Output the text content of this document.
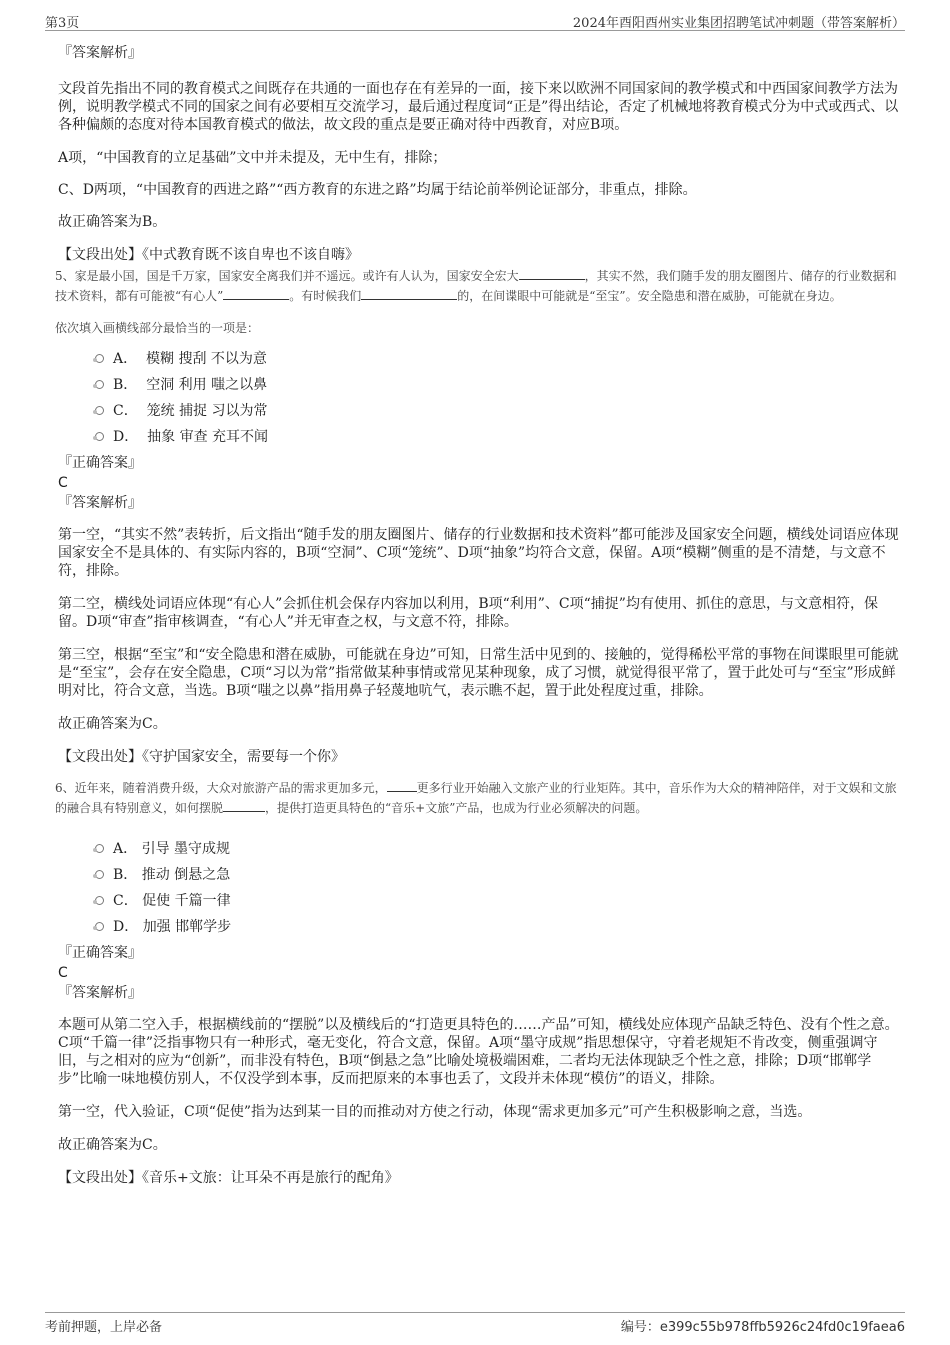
第3页	2024年酉阳酉州实业集团招聘笔试冲刺题（带答案解析）

『答案解析』

文段首先指出不同的教育模式之间既存在共通的一面也存在有差异的一面，接下来以欧洲不同国家间的教学模式和中西国家间教学方法为例，说明教学模式不同的国家之间有必要相互交流学习，最后通过程度词“正是”得出结论，否定了机械地将教育模式分为中式或西式、以各种偏颇的态度对待本国教育模式的做法，故文段的重点是要正确对待中西教育，对应B项。

A项，“中国教育的立足基础”文中并未提及，无中生有，排除；

C、D两项，“中国教育的西进之路”“西方教育的东进之路”均属于结论前举例论证部分，非重点，排除。

故正确答案为B。

【文段出处】《中式教育既不该自卑也不该自嗨》

5、家是最小国，国是千万家，国家安全离我们并不遥远。或许有人认为，国家安全宏大	，其实不然，我们随手发的朋友圈图片、储存的行业数据和技术资料，都有可能被“有心人”	。有时候我们	的，在间谍眼中可能就是“至宝”。安全隐患和潜在威胁，可能就在身边。

依次填入画横线部分最恰当的一项是：

A． 模糊 搜刮 不以为意
B． 空洞 利用 嗤之以鼻
C． 笼统 捕捉 习以为常
D． 抽象 审查 充耳不闻

『正确答案』

C

『答案解析』

第一空，“其实不然”表转折，后文指出“随手发的朋友圈图片、储存的行业数据和技术资料”都可能涉及国家安全问题，横线处词语应体现国家安全不是具体的、有实际内容的，B项“空洞”、C项“笼统”、D项“抽象”均符合文意，保留。A项“模糊”侧重的是不清楚，与文意不符，排除。

第二空，横线处词语应体现“有心人”会抓住机会保存内容加以利用，B项“利用”、C项“捕捉”均有使用、抓住的意思，与文意相符，保留。D项“审查”指审核调查，“有心人”并无审查之权，与文意不符，排除。

第三空，根据“至宝”和“安全隐患和潜在威胁，可能就在身边”可知，日常生活中见到的、接触的，觉得稀松平常的事物在间谍眼里可能就是“至宝”，会存在安全隐患，C项“习以为常”指常做某种事情或常见某种现象，成了习惯，就觉得很平常了，置于此处可与“至宝”形成鲜明对比，符合文意，当选。B项“嗤之以鼻”指用鼻子轻蔑地吭气，表示瞧不起，置于此处程度过重，排除。

故正确答案为C。

【文段出处】《守护国家安全，需要每一个你》

6、近年来，随着消费升级，大众对旅游产品的需求更加多元，	更多行业开始融入文旅产业的行业矩阵。其中，音乐作为大众的精神陪伴，对于文娱和文旅的融合具有特别意义，如何摆脱	，提供打造更具特色的“音乐+文旅”产品，也成为行业必须解决的问题。

A． 引导 墨守成规
B． 推动 倒悬之急
C． 促使 千篇一律
D． 加强 邯郸学步

『正确答案』

C

『答案解析』

本题可从第二空入手，根据横线前的“摆脱”以及横线后的“打造更具特色的……产品”可知，横线处应体现产品缺乏特色、没有个性之意。C项“千篇一律”泛指事物只有一种形式，毫无变化，符合文意，保留。A项“墨守成规”指思想保守，守着老规矩不肯改变，侧重强调守旧，与之相对的应为“创新”，而非没有特色，B项“倒悬之急”比喻处境极端困难，二者均无法体现缺乏个性之意，排除；D项“邯郸学步”比喻一味地模仿别人，不仅没学到本事，反而把原来的本事也丢了，文段并未体现“模仿”的语义，排除。

第一空，代入验证，C项“促使”指为达到某一目的而推动对方使之行动，体现“需求更加多元”可产生积极影响之意，当选。

故正确答案为C。

【文段出处】《音乐+文旅：让耳朵不再是旅行的配角》

考前押题，上岸必备	编号：e399c55b978ffb5926c24fd0c19faea6
